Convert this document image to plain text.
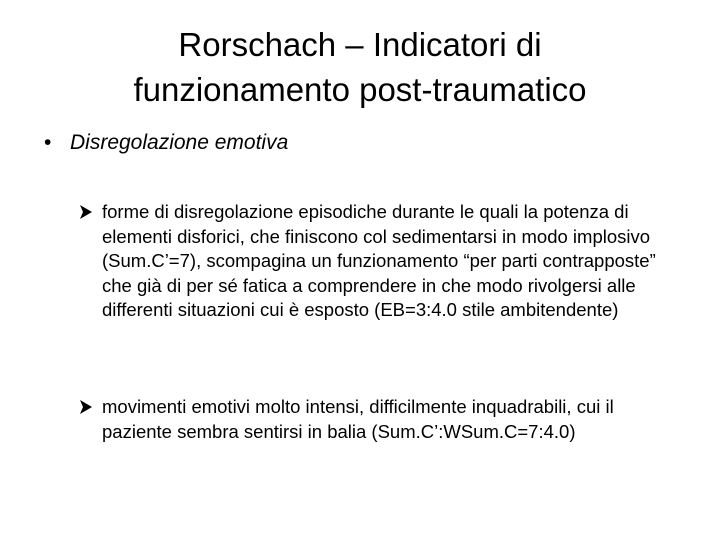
Rorschach – Indicatori di
funzionamento post-traumatico
• Disregolazione emotiva
forme di disregolazione episodiche durante le quali la potenza di elementi disforici, che finiscono col sedimentarsi in modo implosivo (Sum.C’=7), scompagina un funzionamento “per parti contrapposte” che già di per sé fatica a comprendere in che modo rivolgersi alle differenti situazioni cui è esposto (EB=3:4.0 stile ambitendente)
movimenti emotivi molto intensi, difficilmente inquadrabili, cui il paziente sembra sentirsi in balia (Sum.C’:WSum.C=7:4.0)
